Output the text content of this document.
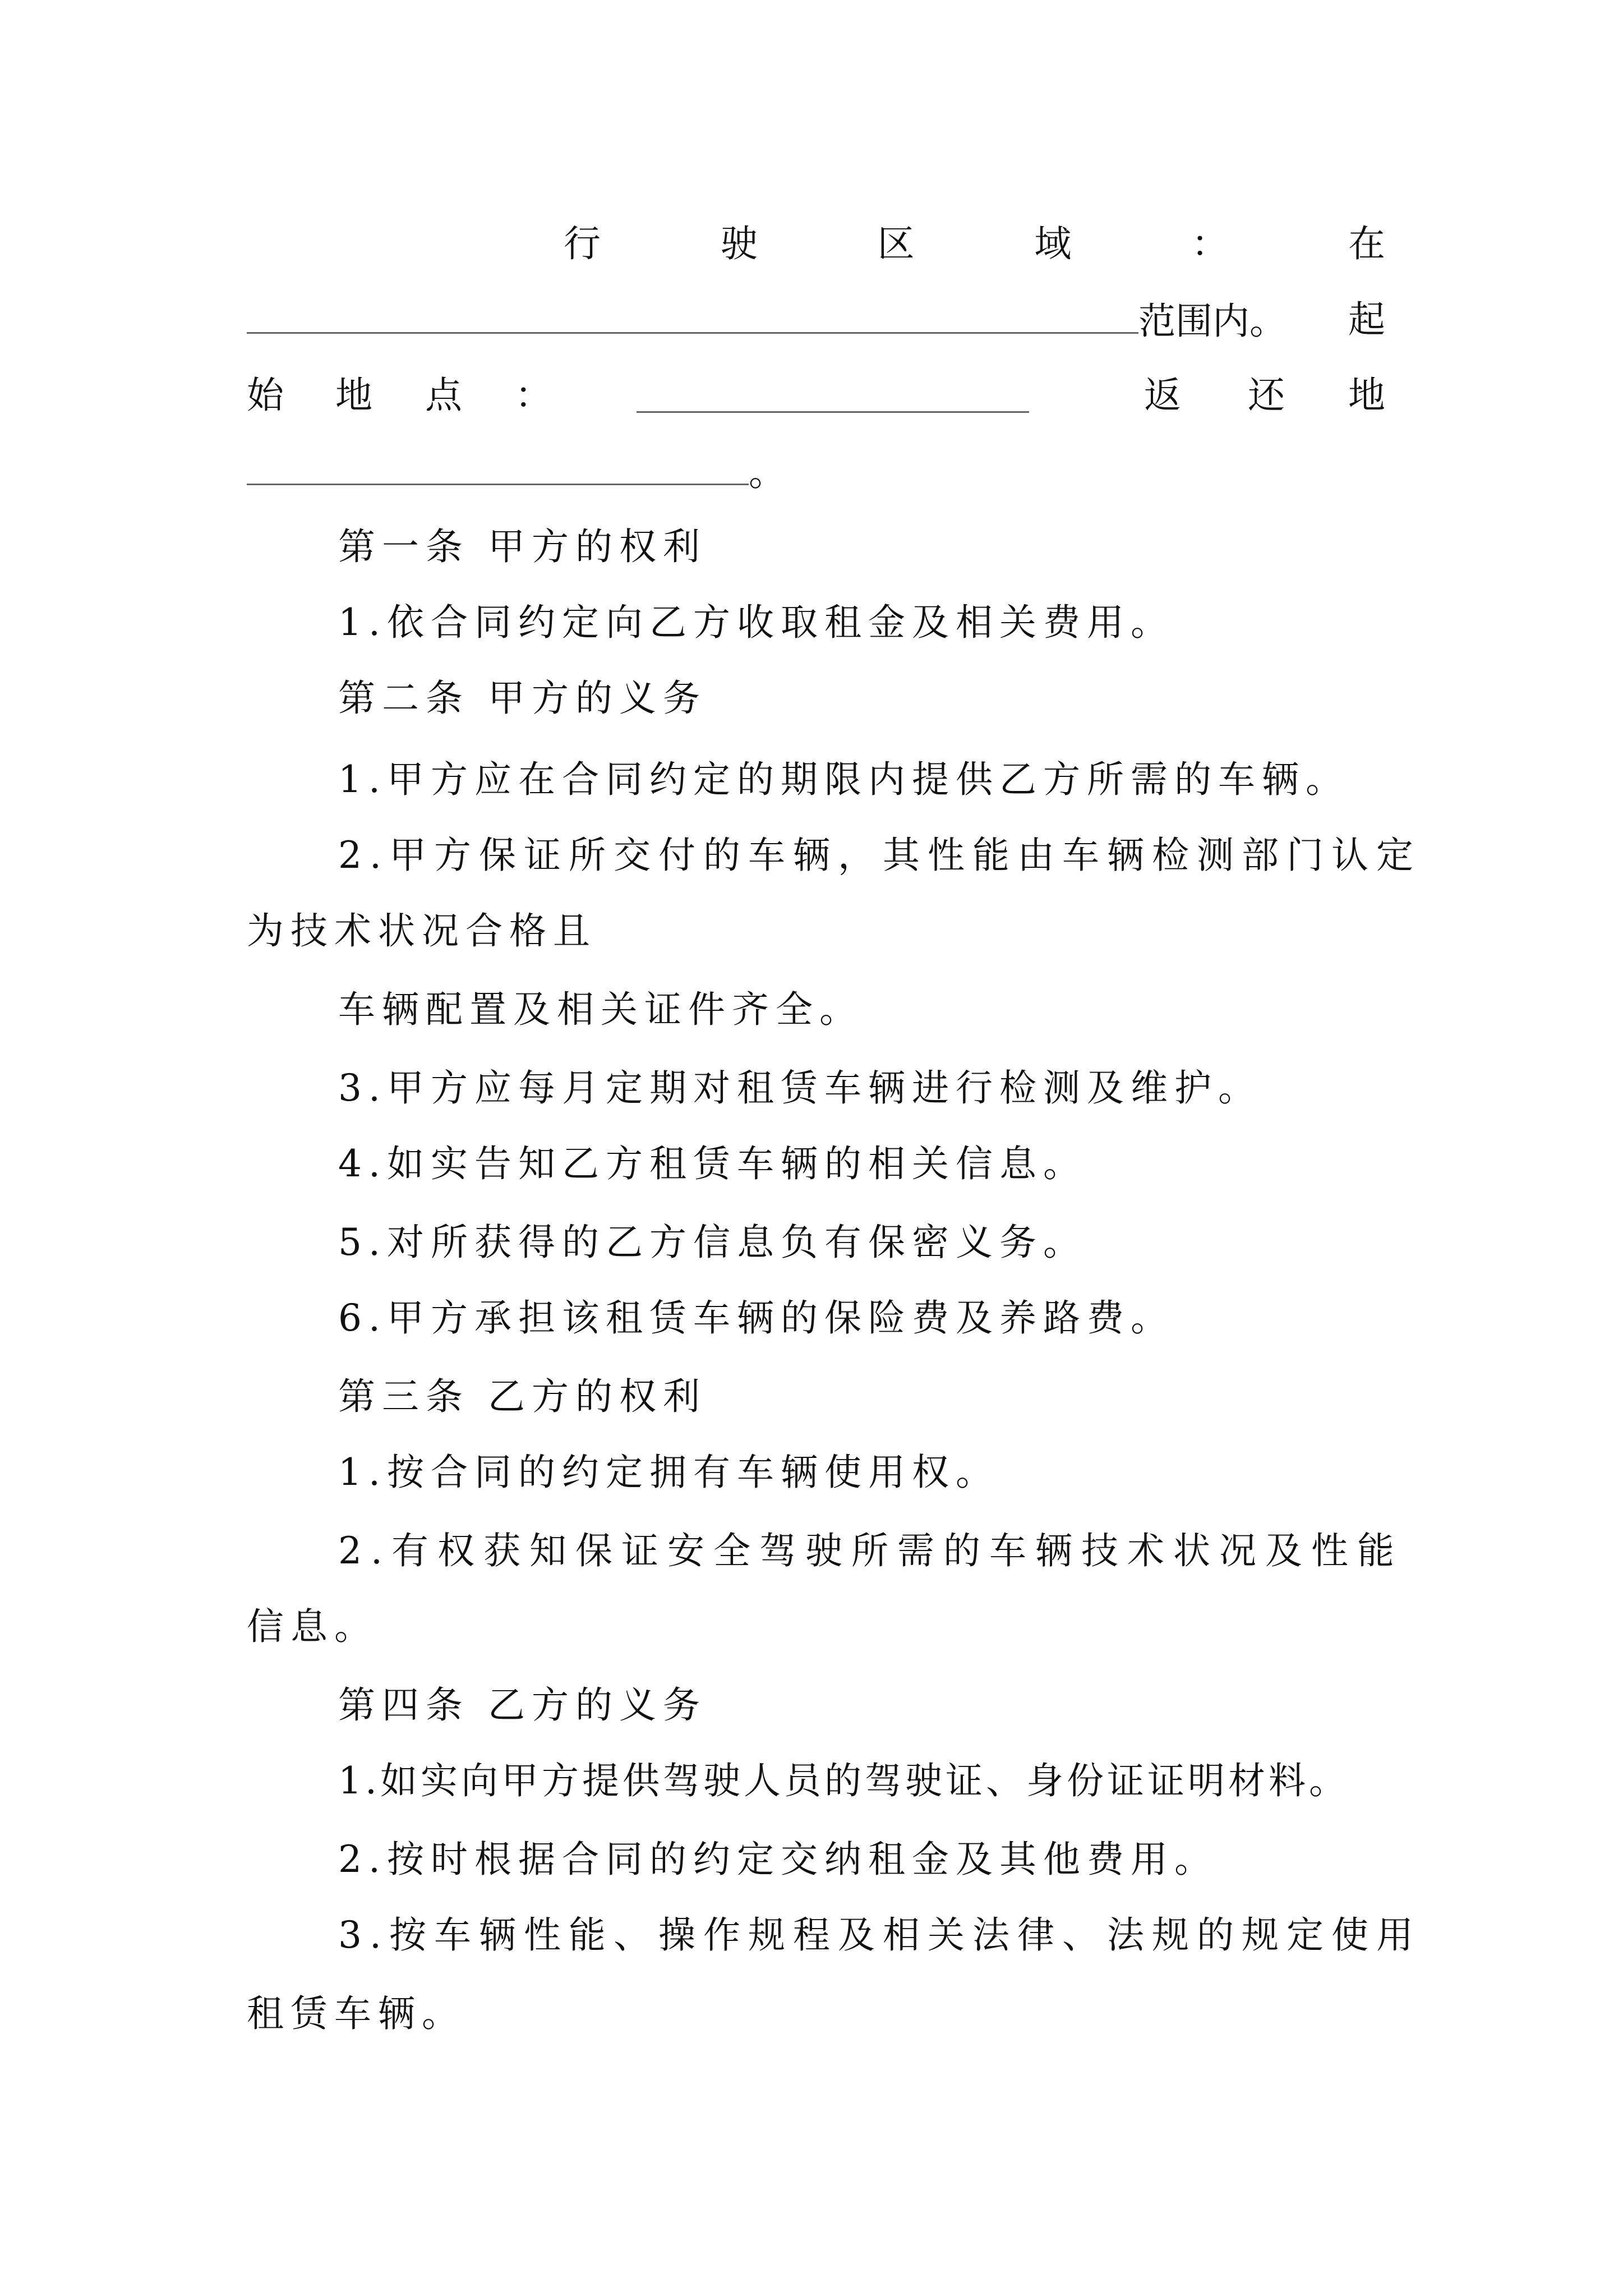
行	驶	区	域	：	在
范围内。 起
始 地 点 ：	返 还 地
。

第一条 甲方的权利

1.依合同约定向乙方收取租金及相关费用。

第二条 甲方的义务

1.甲方应在合同约定的期限内提供乙方所需的车辆。

2.甲方保证所交付的车辆，其性能由车辆检测部门认定

为技术状况合格且

车辆配置及相关证件齐全。

3.甲方应每月定期对租赁车辆进行检测及维护。

4.如实告知乙方租赁车辆的相关信息。

5.对所获得的乙方信息负有保密义务。

6.甲方承担该租赁车辆的保险费及养路费。

第三条 乙方的权利

1.按合同的约定拥有车辆使用权。

2.有权获知保证安全驾驶所需的车辆技术状况及性能

信息。

第四条 乙方的义务

1.如实向甲方提供驾驶人员的驾驶证、身份证证明材料。

2.按时根据合同的约定交纳租金及其他费用。

3.按车辆性能、操作规程及相关法律、法规的规定使用

租赁车辆。
